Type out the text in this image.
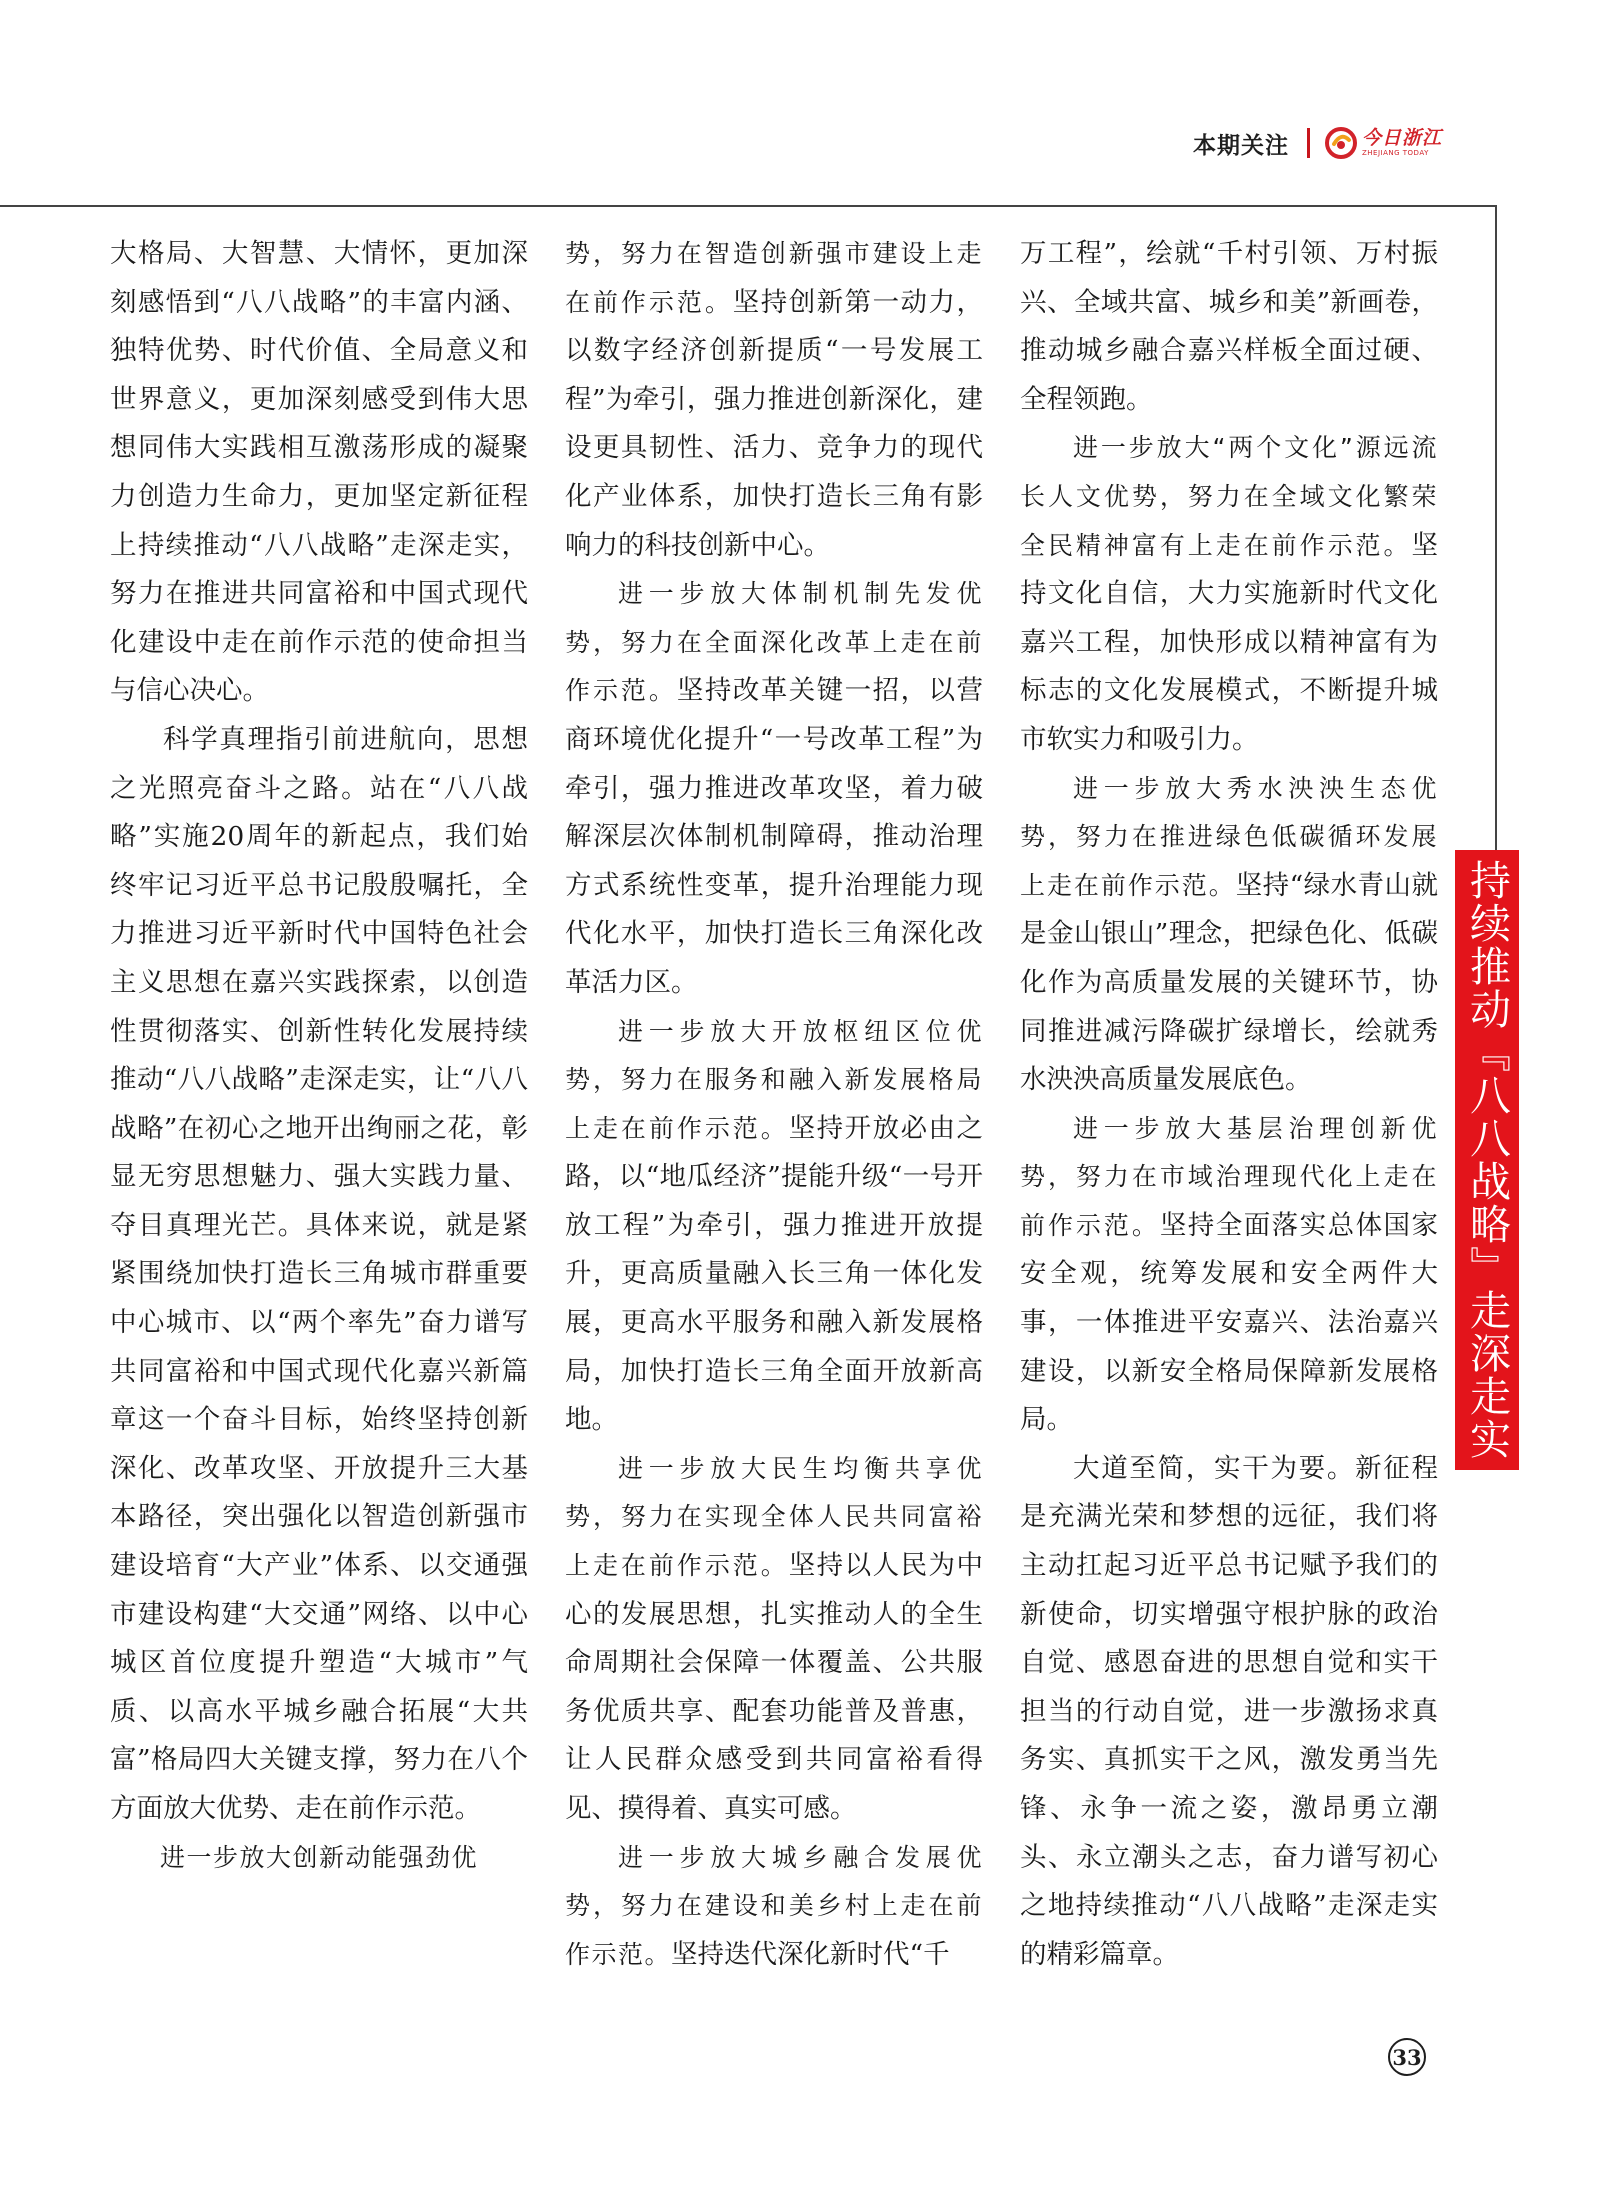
本期关注	今日浙江
ZHEJIANG TODAY

大格局、大智慧、大情怀，更加深刻感悟到“八八战略”的丰富内涵、独特优势、时代价值、全局意义和世界意义，更加深刻感受到伟大思想同伟大实践相互激荡形成的凝聚力创造力生命力，更加坚定新征程上持续推动“八八战略”走深走实，努力在推进共同富裕和中国式现代化建设中走在前作示范的使命担当与信心决心。

科学真理指引前进航向，思想之光照亮奋斗之路。站在“八八战略”实施20周年的新起点，我们始终牢记习近平总书记殷殷嘱托，全力推进习近平新时代中国特色社会主义思想在嘉兴实践探索，以创造性贯彻落实、创新性转化发展持续推动“八八战略”走深走实，让“八八战略”在初心之地开出绚丽之花，彰显无穷思想魅力、强大实践力量、夺目真理光芒。具体来说，就是紧紧围绕加快打造长三角城市群重要中心城市、以“两个率先”奋力谱写共同富裕和中国式现代化嘉兴新篇章这一个奋斗目标，始终坚持创新深化、改革攻坚、开放提升三大基本路径，突出强化以智造创新强市建设培育“大产业”体系、以交通强市建设构建“大交通”网络、以中心城区首位度提升塑造“大城市”气质、以高水平城乡融合拓展“大共富”格局四大关键支撑，努力在八个方面放大优势、走在前作示范。

进一步放大创新动能强劲优

势，努力在智造创新强市建设上走在前作示范。坚持创新第一动力，以数字经济创新提质“一号发展工程”为牵引，强力推进创新深化，建设更具韧性、活力、竞争力的现代化产业体系，加快打造长三角有影响力的科技创新中心。

进一步放大体制机制先发优势，努力在全面深化改革上走在前作示范。坚持改革关键一招，以营商环境优化提升“一号改革工程”为牵引，强力推进改革攻坚，着力破解深层次体制机制障碍，推动治理方式系统性变革，提升治理能力现代化水平，加快打造长三角深化改革活力区。

进一步放大开放枢纽区位优势，努力在服务和融入新发展格局上走在前作示范。坚持开放必由之路，以“地瓜经济”提能升级“一号开放工程”为牵引，强力推进开放提升，更高质量融入长三角一体化发展，更高水平服务和融入新发展格局，加快打造长三角全面开放新高地。

进一步放大民生均衡共享优势，努力在实现全体人民共同富裕上走在前作示范。坚持以人民为中心的发展思想，扎实推动人的全生命周期社会保障一体覆盖、公共服务优质共享、配套功能普及普惠，让人民群众感受到共同富裕看得见、摸得着、真实可感。

进一步放大城乡融合发展优势，努力在建设和美乡村上走在前作示范。坚持迭代深化新时代“千

万工程”，绘就“千村引领、万村振兴、全域共富、城乡和美”新画卷，推动城乡融合嘉兴样板全面过硬、全程领跑。

进一步放大“两个文化”源远流长人文优势，努力在全域文化繁荣全民精神富有上走在前作示范。坚持文化自信，大力实施新时代文化嘉兴工程，加快形成以精神富有为标志的文化发展模式，不断提升城市软实力和吸引力。

进一步放大秀水泱泱生态优势，努力在推进绿色低碳循环发展上走在前作示范。坚持“绿水青山就是金山银山”理念，把绿色化、低碳化作为高质量发展的关键环节，协同推进减污降碳扩绿增长，绘就秀水泱泱高质量发展底色。

进一步放大基层治理创新优势，努力在市域治理现代化上走在前作示范。坚持全面落实总体国家安全观，统筹发展和安全两件大事，一体推进平安嘉兴、法治嘉兴建设，以新安全格局保障新发展格局。

大道至简，实干为要。新征程是充满光荣和梦想的远征，我们将主动扛起习近平总书记赋予我们的新使命，切实增强守根护脉的政治自觉、感恩奋进的思想自觉和实干担当的行动自觉，进一步激扬求真务实、真抓实干之风，激发勇当先锋、永争一流之姿，激昂勇立潮头、永立潮头之志，奋力谱写初心之地持续推动“八八战略”走深走实的精彩篇章。

持续推动『八八战略』走深走实
33
